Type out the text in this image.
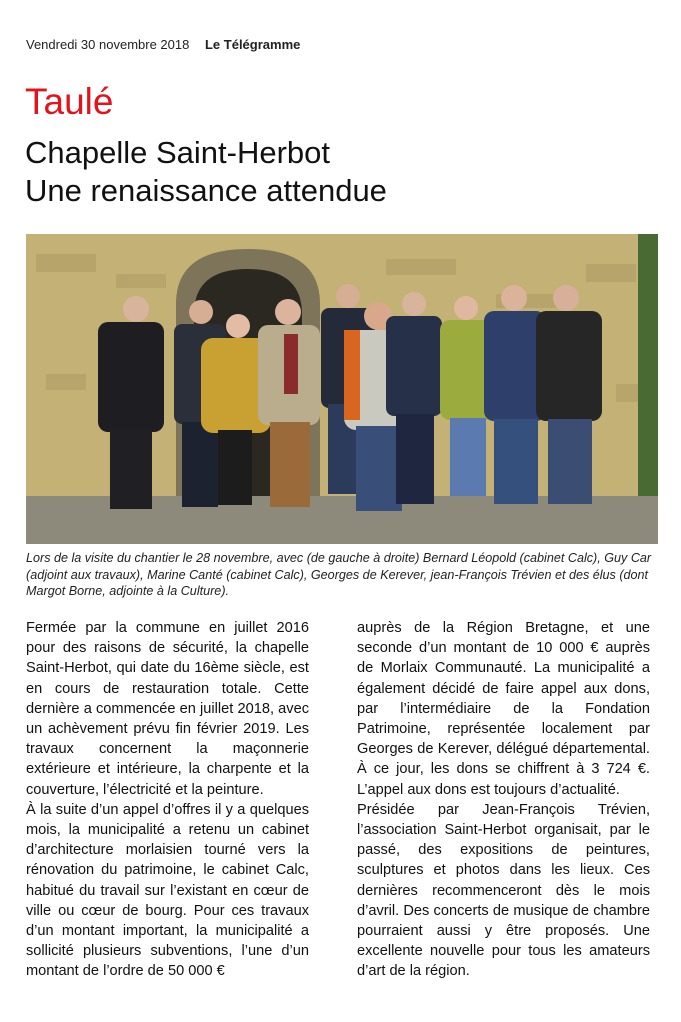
Vendredi 30 novembre 2018 Le Télégramme
Taulé
Chapelle Saint-Herbot
Une renaissance attendue
Lors de la visite du chantier le 28 novembre, avec (de gauche à droite) Bernard Léopold (cabinet Calc), Guy Car (adjoint aux travaux), Marine Canté (cabinet Calc), Georges de Kerever, jean-François Trévien et des élus (dont Margot Borne, adjointe à la Culture).

Fermée par la commune en juillet 2016 pour des raisons de sécurité, la chapelle Saint-Herbot, qui date du 16ème siècle, est en cours de restauration totale. Cette dernière a commencée en juillet 2018, avec un achèvement prévu fin février 2019. Les travaux concernent la maçonnerie extérieure et intérieure, la charpente et la couverture, l’électricité et la peinture.

À la suite d’un appel d’offres il y a quelques mois, la municipalité a retenu un cabinet d’architecture morlaisien tourné vers la rénovation du patrimoine, le cabinet Calc, habitué du travail sur l’existant en cœur de ville ou cœur de bourg. Pour ces travaux d’un montant important, la municipalité a sollicité plusieurs subventions, l’une d’un montant de l’ordre de 50 000 €

auprès de la Région Bretagne, et une seconde d’un montant de 10 000 € auprès de Morlaix Communauté. La municipalité a également décidé de faire appel aux dons, par l’intermédiaire de la Fondation Patrimoine, représentée localement par Georges de Kerever, délégué départemental. À ce jour, les dons se chiffrent à 3 724 €. L’appel aux dons est toujours d’actualité.

Présidée par Jean-François Trévien, l’association Saint-Herbot organisait, par le passé, des expositions de peintures, sculptures et photos dans les lieux. Ces dernières recommenceront dès le mois d’avril. Des concerts de musique de chambre pourraient aussi y être proposés. Une excellente nouvelle pour tous les amateurs d’art de la région.
